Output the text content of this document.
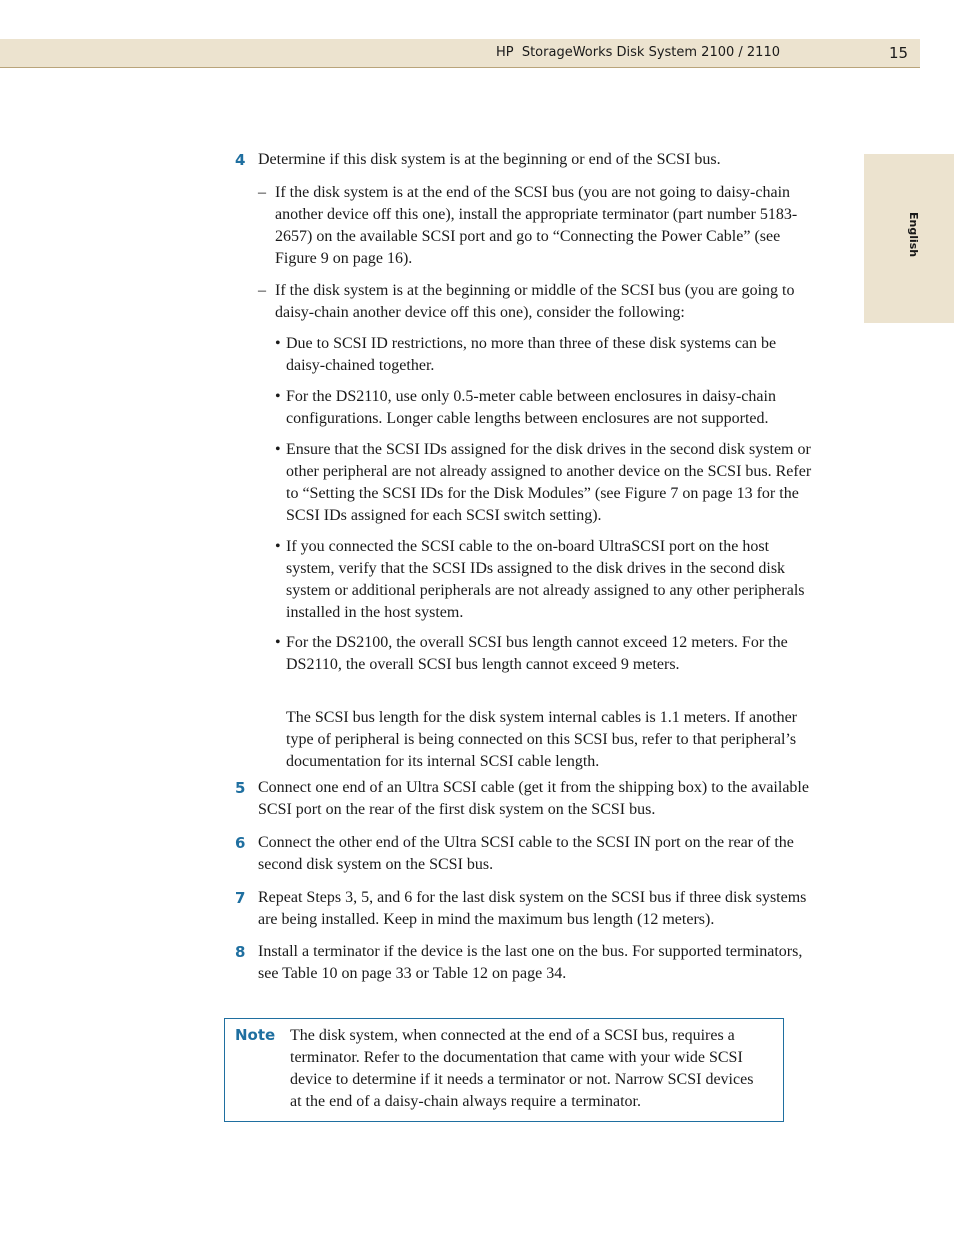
HP  StorageWorks Disk System 2100 / 2110	15
English
4 Determine if this disk system is at the beginning or end of the SCSI bus.
– If the disk system is at the end of the SCSI bus (you are not going to daisy-chain another device off this one), install the appropriate terminator (part number 5183-2657) on the available SCSI port and go to “Connecting the Power Cable” (see Figure 9 on page 16).
– If the disk system is at the beginning or middle of the SCSI bus (you are going to daisy-chain another device off this one), consider the following:
• Due to SCSI ID restrictions, no more than three of these disk systems can be daisy-chained together.
• For the DS2110, use only 0.5-meter cable between enclosures in daisy-chain configurations. Longer cable lengths between enclosures are not supported.
• Ensure that the SCSI IDs assigned for the disk drives in the second disk system or other peripheral are not already assigned to another device on the SCSI bus. Refer to “Setting the SCSI IDs for the Disk Modules” (see Figure 7 on page 13 for the SCSI IDs assigned for each SCSI switch setting).
• If you connected the SCSI cable to the on-board UltraSCSI port on the host system, verify that the SCSI IDs assigned to the disk drives in the second disk system or additional peripherals are not already assigned to any other peripherals installed in the host system.
• For the DS2100, the overall SCSI bus length cannot exceed 12 meters. For the DS2110, the overall SCSI bus length cannot exceed 9 meters.
The SCSI bus length for the disk system internal cables is 1.1 meters. If another type of peripheral is being connected on this SCSI bus, refer to that peripheral’s documentation for its internal SCSI cable length.
5 Connect one end of an Ultra SCSI cable (get it from the shipping box) to the available SCSI port on the rear of the first disk system on the SCSI bus.
6 Connect the other end of the Ultra SCSI cable to the SCSI IN port on the rear of the second disk system on the SCSI bus.
7 Repeat Steps 3, 5, and 6 for the last disk system on the SCSI bus if three disk systems are being installed. Keep in mind the maximum bus length (12 meters).
8 Install a terminator if the device is the last one on the bus. For supported terminators, see Table 10 on page 33 or Table 12 on page 34.
Note The disk system, when connected at the end of a SCSI bus, requires a terminator. Refer to the documentation that came with your wide SCSI device to determine if it needs a terminator or not. Narrow SCSI devices at the end of a daisy-chain always require a terminator.
